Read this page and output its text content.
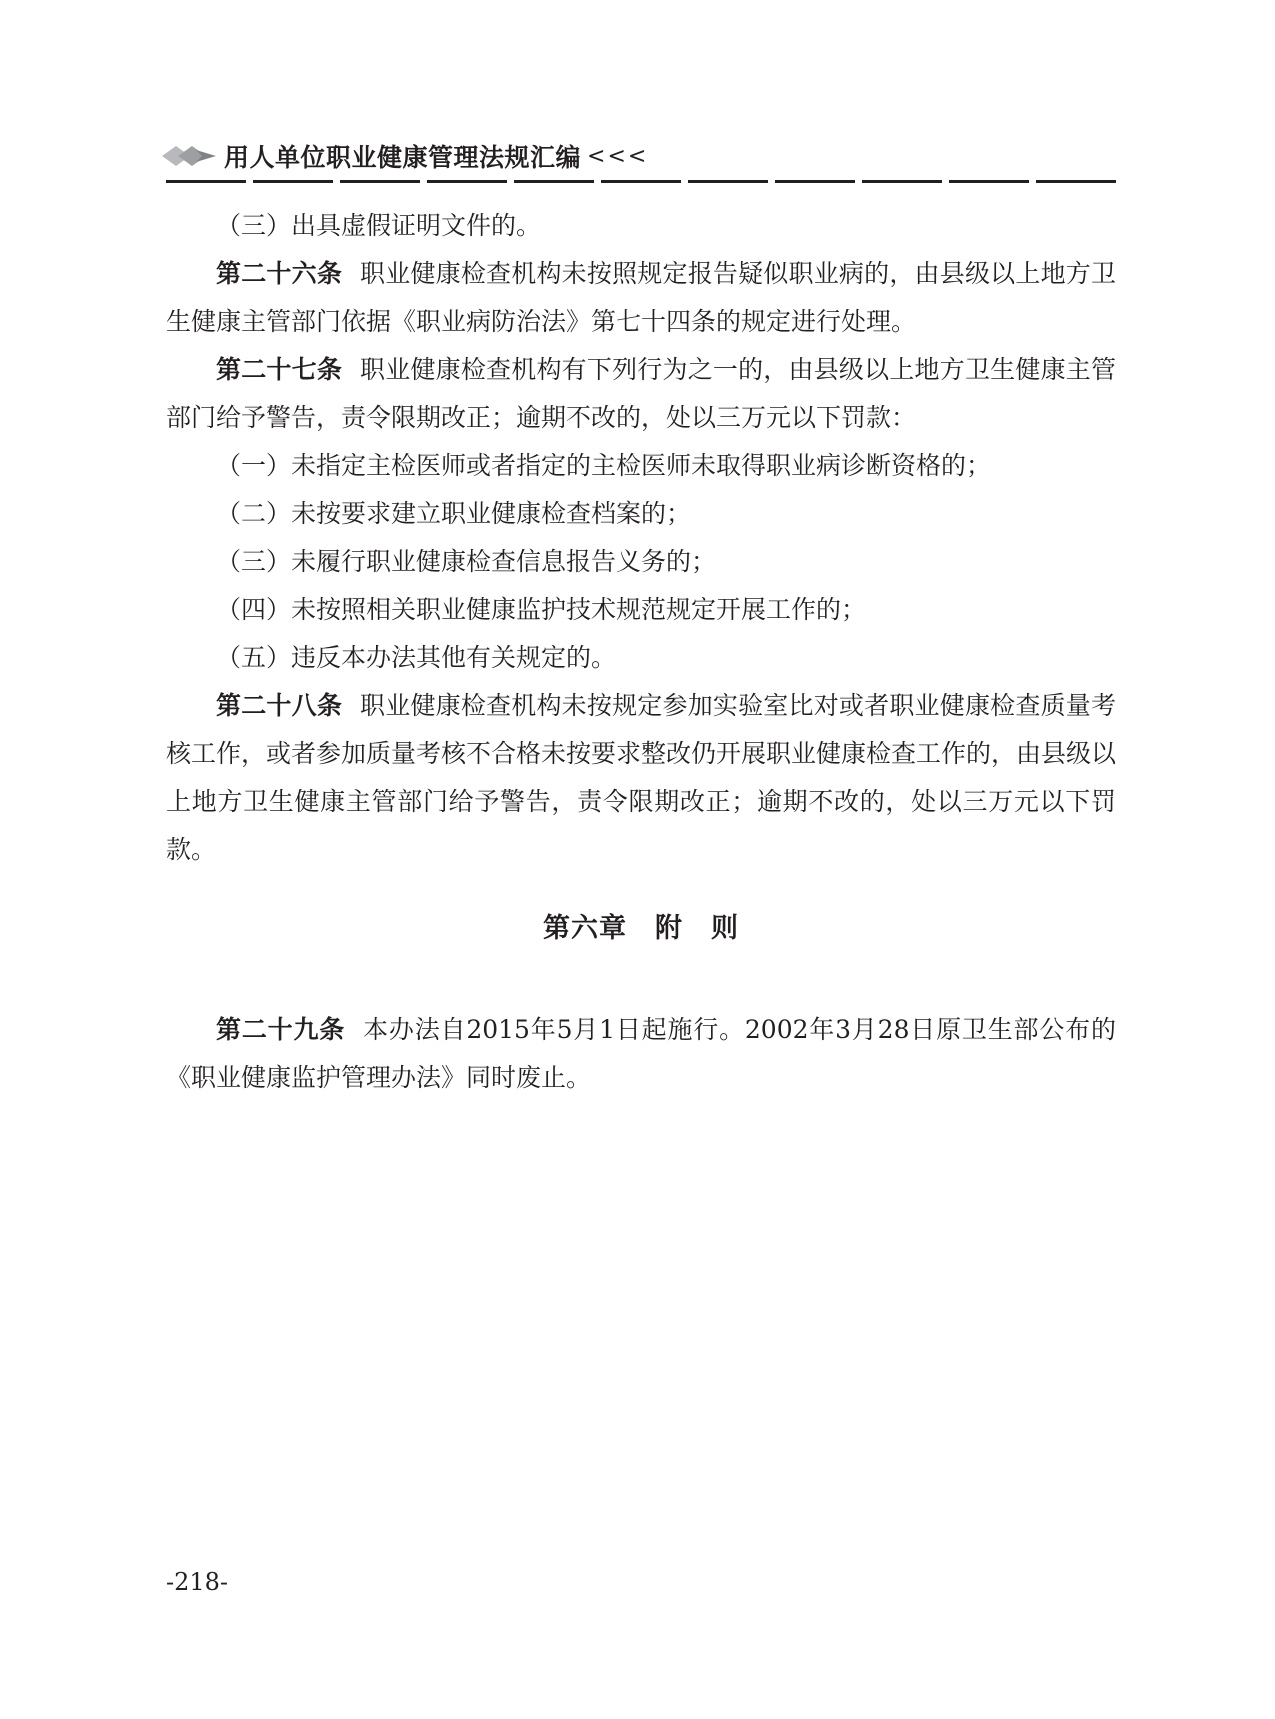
用人单位职业健康管理法规汇编 <<<

（三）出具虚假证明文件的。

第二十六条 职业健康检查机构未按照规定报告疑似职业病的，由县级以上地方卫生健康主管部门依据《职业病防治法》第七十四条的规定进行处理。

第二十七条 职业健康检查机构有下列行为之一的，由县级以上地方卫生健康主管部门给予警告，责令限期改正；逾期不改的，处以三万元以下罚款：

（一）未指定主检医师或者指定的主检医师未取得职业病诊断资格的；

（二）未按要求建立职业健康检查档案的；

（三）未履行职业健康检查信息报告义务的；

（四）未按照相关职业健康监护技术规范规定开展工作的；

（五）违反本办法其他有关规定的。

第二十八条 职业健康检查机构未按规定参加实验室比对或者职业健康检查质量考核工作，或者参加质量考核不合格未按要求整改仍开展职业健康检查工作的，由县级以上地方卫生健康主管部门给予警告，责令限期改正；逾期不改的，处以三万元以下罚款。

第六章　附　则

第二十九条 本办法自2015年5月1日起施行。2002年3月28日原卫生部公布的《职业健康监护管理办法》同时废止。

-218-
